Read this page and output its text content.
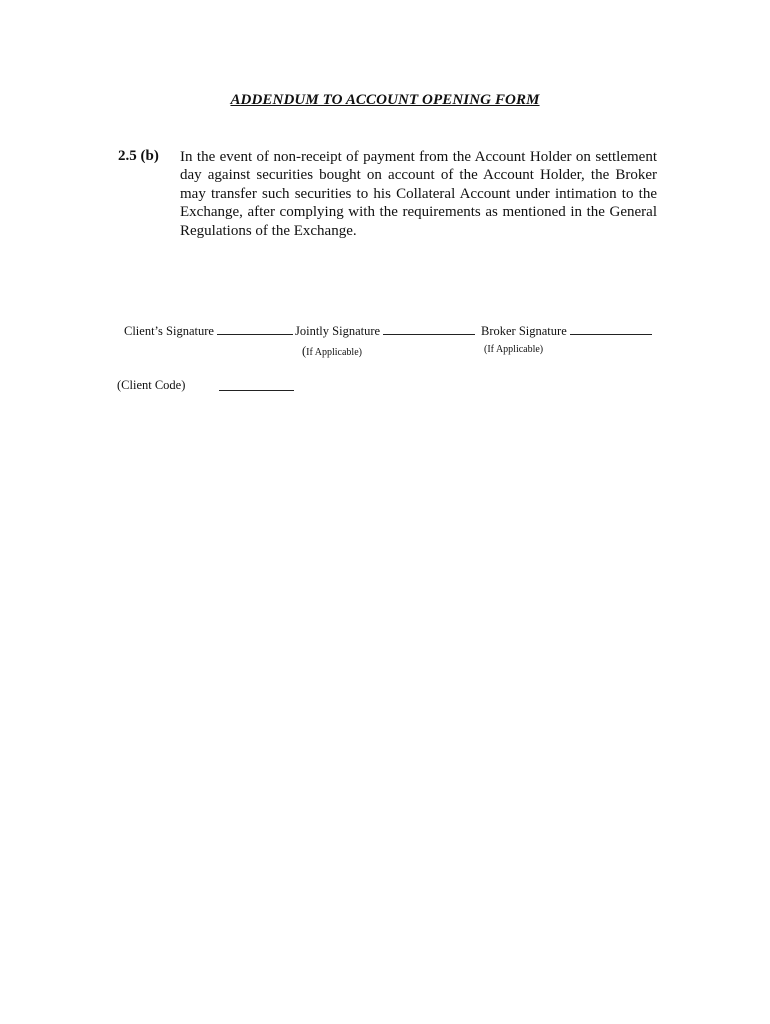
ADDENDUM TO ACCOUNT OPENING FORM
2.5 (b) In the event of non-receipt of payment from the Account Holder on settlement day against securities bought on account of the Account Holder, the Broker may transfer such securities to his Collateral Account under intimation to the Exchange, after complying with the requirements as mentioned in the General Regulations of the Exchange.
Client’s Signature	Jointly Signature	Broker Signature
(If Applicable)	(If Applicable)
(Client Code)
